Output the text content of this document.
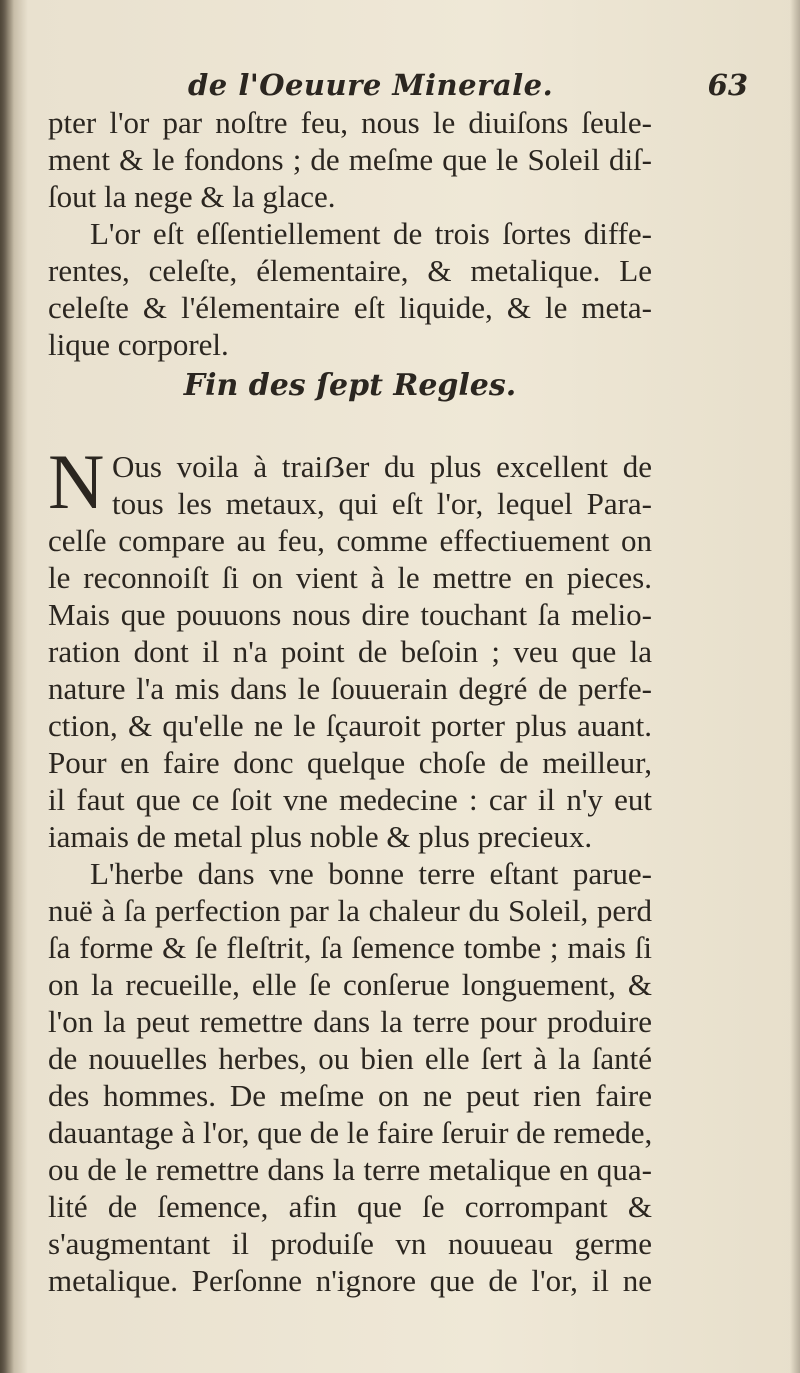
de l'Oeuure Minerale.	63
pter l'or par noſtre feu, nous le diuiſons ſeule-
ment & le fondons ; de meſme que le Soleil diſ-
ſout la nege & la glace.
L'or eſt eſſentiellement de trois ſortes diffe-
rentes, celeſte, élementaire, & metalique. Le
celeſte & l'élementaire eſt liquide, & le meta-
lique corporel.
Fin des ſept Regles.
N Ous voila à traiẞer du plus excellent de
tous les metaux, qui eſt l'or, lequel Para-
celſe compare au feu, comme effectiuement on
le reconnoiſt ſi on vient à le mettre en pieces.
Mais que pouuons nous dire touchant ſa melio-
ration dont il n'a point de beſoin ; veu que la
nature l'a mis dans le ſouuerain degré de perfe-
ction, & qu'elle ne le ſçauroit porter plus auant.
Pour en faire donc quelque choſe de meilleur,
il faut que ce ſoit vne medecine : car il n'y eut
iamais de metal plus noble & plus precieux.
L'herbe dans vne bonne terre eſtant parue-
nuë à ſa perfection par la chaleur du Soleil, perd
ſa forme & ſe fleſtrit, ſa ſemence tombe ; mais ſi
on la recueille, elle ſe conſerue longuement, &
l'on la peut remettre dans la terre pour produire
de nouuelles herbes, ou bien elle ſert à la ſanté
des hommes. De meſme on ne peut rien faire
dauantage à l'or, que de le faire ſeruir de remede,
ou de le remettre dans la terre metalique en qua-
lité de ſemence, afin que ſe corrompant &
s'augmentant il produiſe vn nouueau germe
metalique. Perſonne n'ignore que de l'or, il ne
